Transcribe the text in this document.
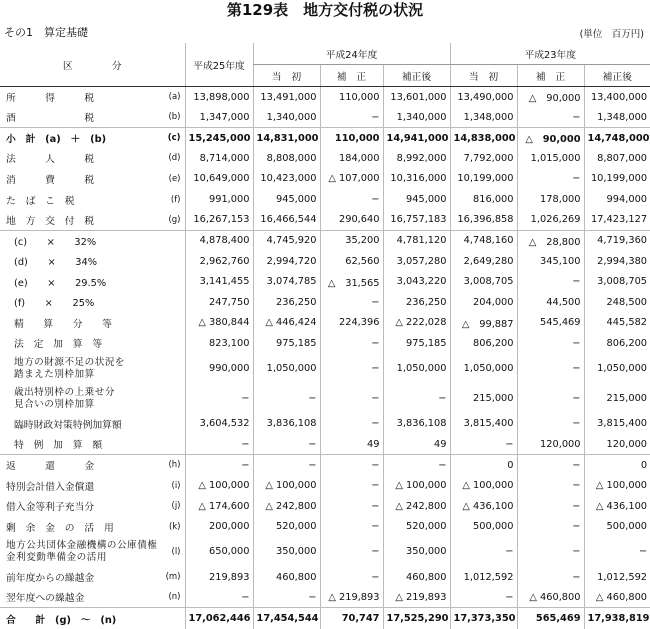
第129表　地方交付税の状況
その1　算定基礎	(単位　百万円)
区　　　　分	平成25年度	平成24年度			平成23年度		
		当　初	補　正	補正後	当　初	補　正	補正後
所　　　得　　　税 (a)	13,898,000	13,491,000	110,000	13,601,000	13,490,000	△　90,000	13,400,000
酒　　　　　　　税 (b)	1,347,000	1,340,000	−	1,340,000	1,348,000	−	1,348,000
小　計　(a)　＋　(b) (c)	15,245,000	14,831,000	110,000	14,941,000	14,838,000	△　90,000	14,748,000
法　　　人　　　税 (d)	8,714,000	8,808,000	184,000	8,992,000	7,792,000	1,015,000	8,807,000
消　　　費　　　税 (e)	10,649,000	10,423,000	△ 107,000	10,316,000	10,199,000	−	10,199,000
た　ば　こ　税 (f)	991,000	945,000	−	945,000	816,000	178,000	994,000
地　方　交　付　税 (g)	16,267,153	16,466,544	290,640	16,757,183	16,396,858	1,026,269	17,423,127
(c)　　×　　32%	4,878,400	4,745,920	35,200	4,781,120	4,748,160	△　28,800	4,719,360
(d)　　×　　34%	2,962,760	2,994,720	62,560	3,057,280	2,649,280	345,100	2,994,380
(e)　　×　　29.5%	3,141,455	3,074,785	△　31,565	3,043,220	3,008,705	−	3,008,705
(f)　　×　　25%	247,750	236,250	−	236,250	204,000	44,500	248,500
精　　算　　分　　等	△ 380,844	△ 446,424	224,396	△ 222,028	△　99,887	545,469	445,582
法　定　加　算　等	823,100	975,185	−	975,185	806,200	−	806,200

地方の財源不足の状況を
踏まえた別枠加算	990,000	1,050,000	−	1,050,000	1,050,000	−	1,050,000

歳出特別枠の上乗せ分
見合いの別枠加算	−	−	−	−	215,000	−	215,000
臨時財政対策特例加算額	3,604,532	3,836,108	−	3,836,108	3,815,400	−	3,815,400
特　例　加　算　額	−	−	49	49	−	120,000	120,000
返　　　還　　　金 (h)	−	−	−	−	0	−	0
特別会計借入金償還 (i)	△ 100,000	△ 100,000	−	△ 100,000	△ 100,000	−	△ 100,000
借入金等利子充当分 (j)	△ 174,600	△ 242,800	−	△ 242,800	△ 436,100	−	△ 436,100
剰　余　金　の　活　用 (k)	200,000	520,000	−	520,000	500,000	−	500,000

地方公共団体金融機構の公庫債権
金利変動準備金の活用 (l)	650,000	350,000	−	350,000	−	−	−
前年度からの繰越金 (m)	219,893	460,800	−	460,800	1,012,592	−	1,012,592
翌年度への繰越金 (n)	−	−	△ 219,893	△ 219,893	−	△ 460,800	△ 460,800
合　　計　(g)　〜　(n)	17,062,446	17,454,544	70,747	17,525,290	17,373,350	565,469	17,938,819
